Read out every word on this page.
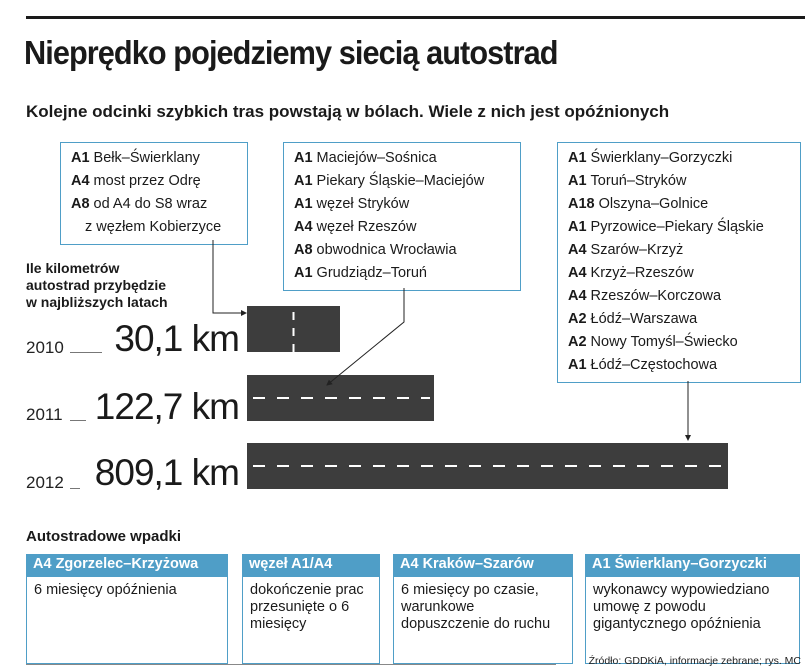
Nieprędko pojedziemy siecią autostrad
Kolejne odcinki szybkich tras powstają w bólach. Wiele z nich jest opóźnionych
A1 Bełk–Świerklany
A4 most przez Odrę
A8 od A4 do S8 wraz
z węzłem Kobierzyce
A1 Maciejów–Sośnica
A1 Piekary Śląskie–Maciejów
A1 węzeł Stryków
A4 węzeł Rzeszów
A8 obwodnica Wrocławia
A1 Grudziądz–Toruń
A1 Świerklany–Gorzyczki
A1 Toruń–Stryków
A18 Olszyna–Golnice
A1 Pyrzowice–Piekary Śląskie
A4 Szarów–Krzyż
A4 Krzyż–Rzeszów
A4 Rzeszów–Korczowa
A2 Łódź–Warszawa
A2 Nowy Tomyśl–Świecko
A1 Łódź–Częstochowa
Ile kilometrów
autostrad przybędzie
w najbliższych latach
2010 30,1 km
2011 122,7 km
2012 809,1 km
Autostradowe wpadki
A4 Zgorzelec–Krzyżowa
6 miesięcy opóźnienia
węzeł A1/A4
dokończenie prac przesunięte o 6 miesięcy
A4 Kraków–Szarów
6 miesięcy po czasie, warunkowe dopuszczenie do ruchu
A1 Świerklany–Gorzyczki
wykonawcy wypowiedziano umowę z powodu gigantycznego opóźnienia
Źródło: GDDKiA, informacje zebrane; rys. MC
